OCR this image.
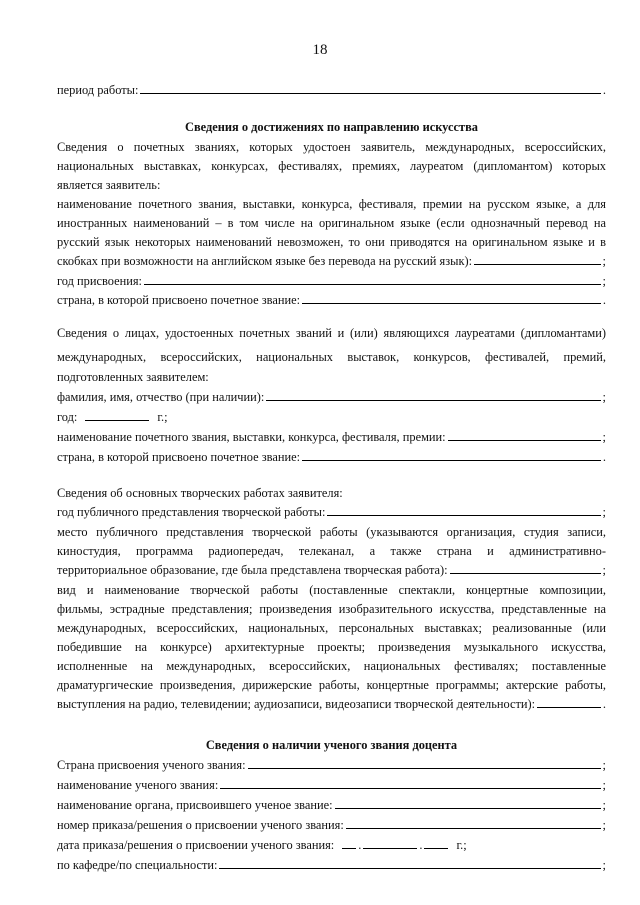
18
период работы:	.
Сведения о достижениях по направлению искусства
Сведения о почетных званиях, которых удостоен заявитель, международных, всероссийских,
национальных выставках, конкурсах, фестивалях, премиях, лауреатом (дипломантом) которых
является заявитель:
наименование почетного звания, выставки, конкурса, фестиваля, премии на русском языке, а для
иностранных наименований – в том числе на оригинальном языке (если однозначный перевод на
русский язык некоторых наименований невозможен, то они приводятся на оригинальном языке и в
скобках при возможности на английском языке без перевода на русский язык):	;
год присвоения:	;
страна, в которой присвоено почетное звание:	.
Сведения о лицах, удостоенных почетных званий и (или) являющихся лауреатами (дипломантами)
международных, всероссийских, национальных выставок, конкурсов, фестивалей, премий,
подготовленных заявителем:
фамилия, имя, отчество (при наличии):	;
год:	г.;
наименование почетного звания, выставки, конкурса, фестиваля, премии:	;
страна, в которой присвоено почетное звание:	.
Сведения об основных творческих работах заявителя:
год публичного представления творческой работы:	;
место публичного представления творческой работы (указываются организация, студия записи,
киностудия, программа радиопередач, телеканал, а также страна и административно-
территориальное образование, где была представлена творческая работа):	;
вид и наименование творческой работы (поставленные спектакли, концертные композиции,
фильмы, эстрадные представления; произведения изобразительного искусства, представленные на
международных, всероссийских, национальных, персональных выставках; реализованные (или
победившие на конкурсе) архитектурные проекты; произведения музыкального искусства,
исполненные на международных, всероссийских, национальных фестивалях; поставленные
драматургические произведения, дирижерские работы, концертные программы; актерские работы,
выступления на радио, телевидении; аудиозаписи, видеозаписи творческой деятельности):	.
Сведения о наличии ученого звания доцента
Страна присвоения ученого звания:	;
наименование ученого звания:	;
наименование органа, присвоившего ученое звание:	;
номер приказа/решения о присвоении ученого звания:	;
дата приказа/решения о присвоении ученого звания: .	.	г.;
по кафедре/по специальности:	;
